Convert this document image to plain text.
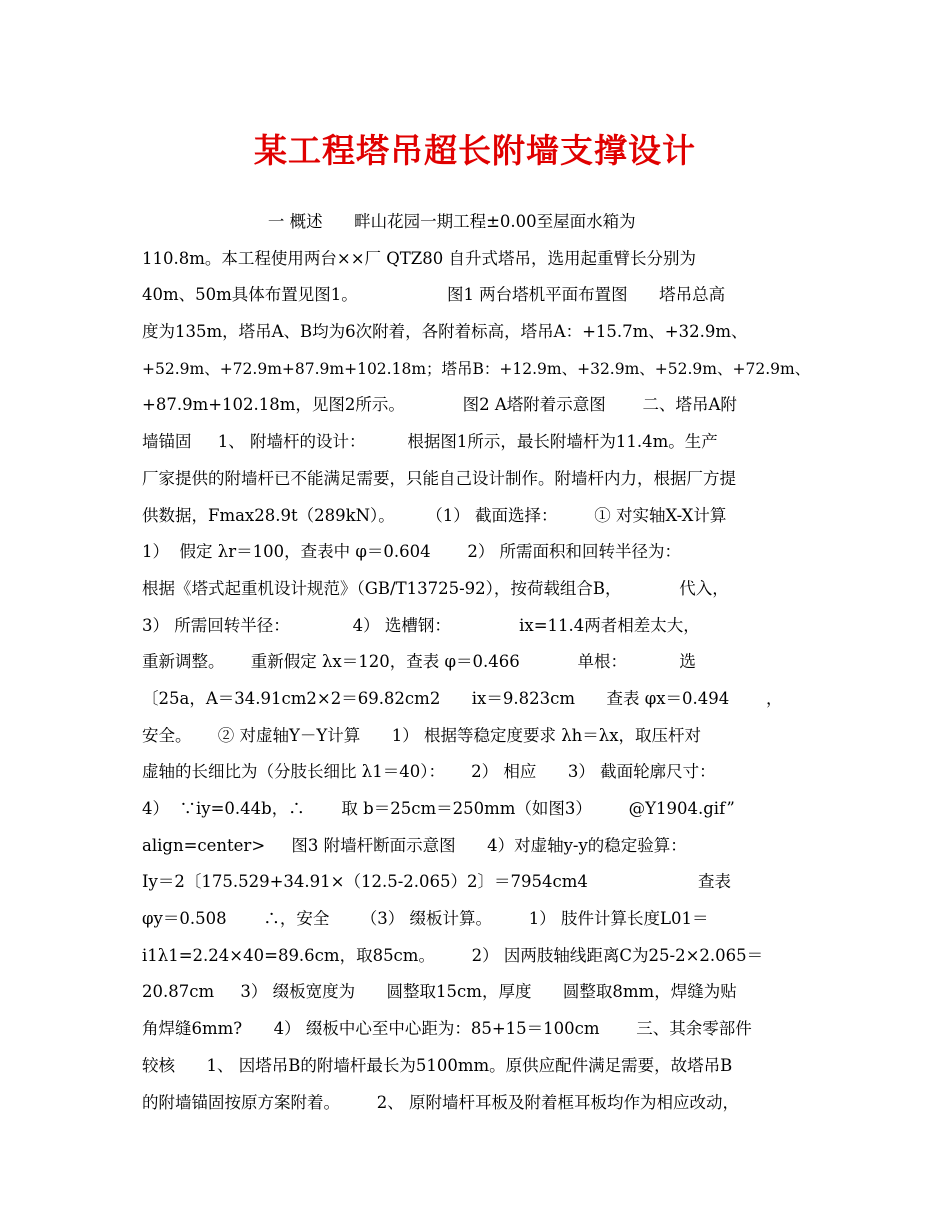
某工程塔吊超长附墙支撑设计
一 概述      畔山花园一期工程±0.00至屋面水箱为
110.8m。本工程使用两台××厂 QTZ80 自升式塔吊，选用起重臂长分别为
40m、50m具体布置见图1。                 图1 两台塔机平面布置图      塔吊总高
度为135m，塔吊A、B均为6次附着，各附着标高，塔吊A：+15.7m、+32.9m、
+52.9m、+72.9m+87.9m+102.18m；塔吊B：+12.9m、+32.9m、+52.9m、+72.9m、
+87.9m+102.18m，见图2所示。           图2 A塔附着示意图       二、塔吊A附
墙锚固     1、 附墙杆的设计：        根据图1所示，最长附墙杆为11.4m。生产
厂家提供的附墙杆已不能满足需要，只能自己设计制作。附墙杆内力，根据厂方提
供数据，Fmax28.9t（289kN）。      （1） 截面选择：       ① 对实轴X-X计算
1）  假定 λr＝100，查表中 φ＝0.604       2） 所需面积和回转半径为：
根据《塔式起重机设计规范》（GB/T13725-92），按荷载组合B，           代入，
3） 所需回转半径：            4） 选槽钢：             ix=11.4两者相差太大，
重新调整。     重新假定 λx＝120，查表 φ＝0.466           单根：          选
〔25a，A＝34.91cm2×2＝69.82cm2      ix＝9.823cm      查表 φx＝0.494       ，
安全。     ② 对虚轴Y－Y计算      1） 根据等稳定度要求 λh＝λx，取压杆对
虚轴的长细比为（分肢长细比 λ1＝40）：     2） 相应      3） 截面轮廓尺寸：
4）  ∵iy=0.44b，∴       取 b＝25cm＝250mm（如图3）       @Y1904.gif”
align=center>     图3 附墙杆断面示意图      4）对虚轴y-y的稳定验算：
Iy＝2〔175.529+34.91×（12.5-2.065）2〕＝7954cm4                     查表
φy＝0.508       ∴，安全      （3） 缀板计算。       1） 肢件计算长度L01＝
i1λ1=2.24×40=89.6cm，取85cm。       2） 因两肢轴线距离C为25-2×2.065＝
20.87cm     3） 缀板宽度为      圆整取15cm，厚度      圆整取8mm，焊缝为贴
角焊缝6mm?      4） 缀板中心至中心距为：85+15＝100cm       三、其余零部件
较核      1、 因塔吊B的附墙杆最长为5100mm。原供应配件满足需要，故塔吊B
的附墙锚固按原方案附着。       2、 原附墙杆耳板及附着框耳板均作为相应改动，
